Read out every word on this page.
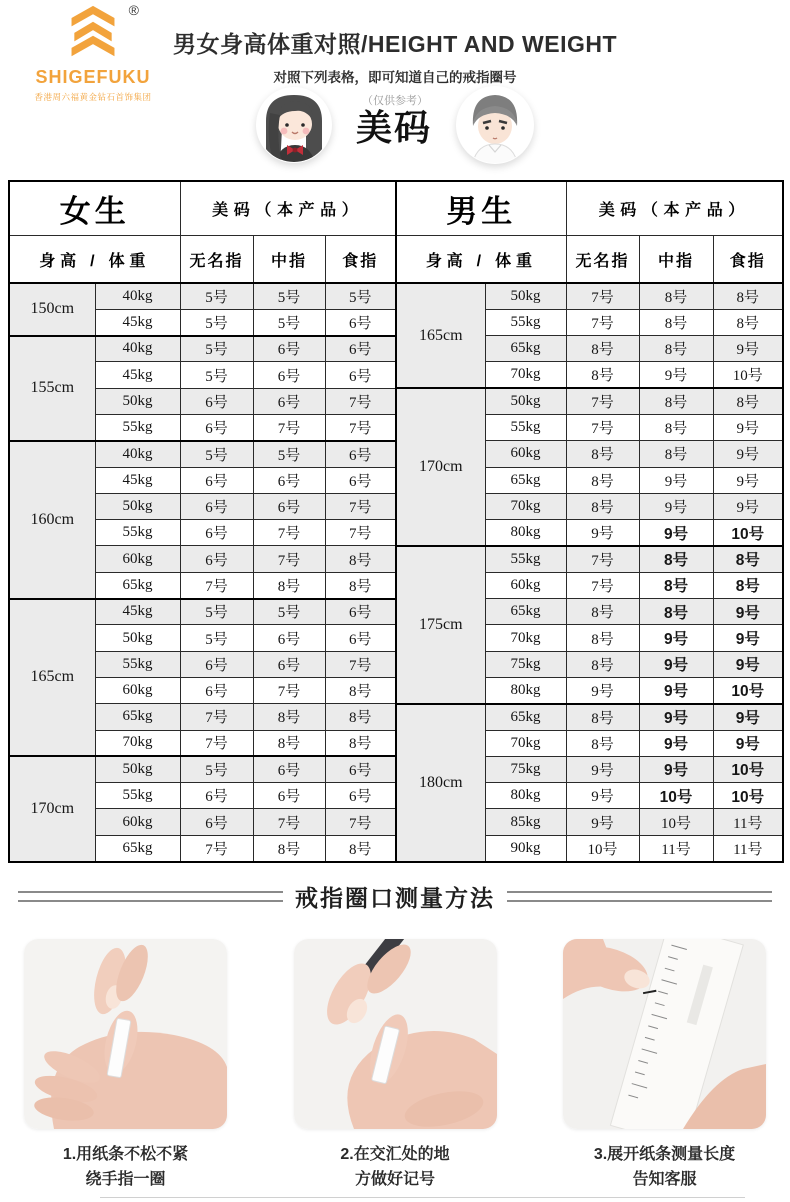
®
SHIGEFUKU
香港周六福黄金钻石首饰集团
男女身高体重对照/HEIGHT AND WEIGHT

对照下列表格，即可知道自己的戒指圈号

（仅供参考）

美码
女生		美码（本产品）			男生		美码（本产品）		
身高 / 体重		无名指	中指	食指	身高 / 体重		无名指	中指	食指
150cm	40kg	5号	5号	5号	165cm	50kg	7号	8号	8号
	45kg	5号	5号	6号		55kg	7号	8号	8号
155cm	40kg	5号	6号	6号		65kg	8号	8号	9号
	45kg	5号	6号	6号		70kg	8号	9号	10号
	50kg	6号	6号	7号	170cm	50kg	7号	8号	8号
	55kg	6号	7号	7号		55kg	7号	8号	9号
160cm	40kg	5号	5号	6号		60kg	8号	8号	9号
	45kg	6号	6号	6号		65kg	8号	9号	9号
	50kg	6号	6号	7号		70kg	8号	9号	9号
	55kg	6号	7号	7号		80kg	9号	9号	10号
	60kg	6号	7号	8号	175cm	55kg	7号	8号	8号
	65kg	7号	8号	8号		60kg	7号	8号	8号
165cm	45kg	5号	5号	6号		65kg	8号	8号	9号
	50kg	5号	6号	6号		70kg	8号	9号	9号
	55kg	6号	6号	7号		75kg	8号	9号	9号
	60kg	6号	7号	8号		80kg	9号	9号	10号
	65kg	7号	8号	8号	180cm	65kg	8号	9号	9号
	70kg	7号	8号	8号		70kg	8号	9号	9号
170cm	50kg	5号	6号	6号		75kg	9号	9号	10号
	55kg	6号	6号	6号		80kg	9号	10号	10号
	60kg	6号	7号	7号		85kg	9号	10号	11号
	65kg	7号	8号	8号		90kg	10号	11号	11号
戒指圈口测量方法
1.用纸条不松不紧
绕手指一圈
2.在交汇处的地
方做好记号
3.展开纸条测量长度
告知客服
